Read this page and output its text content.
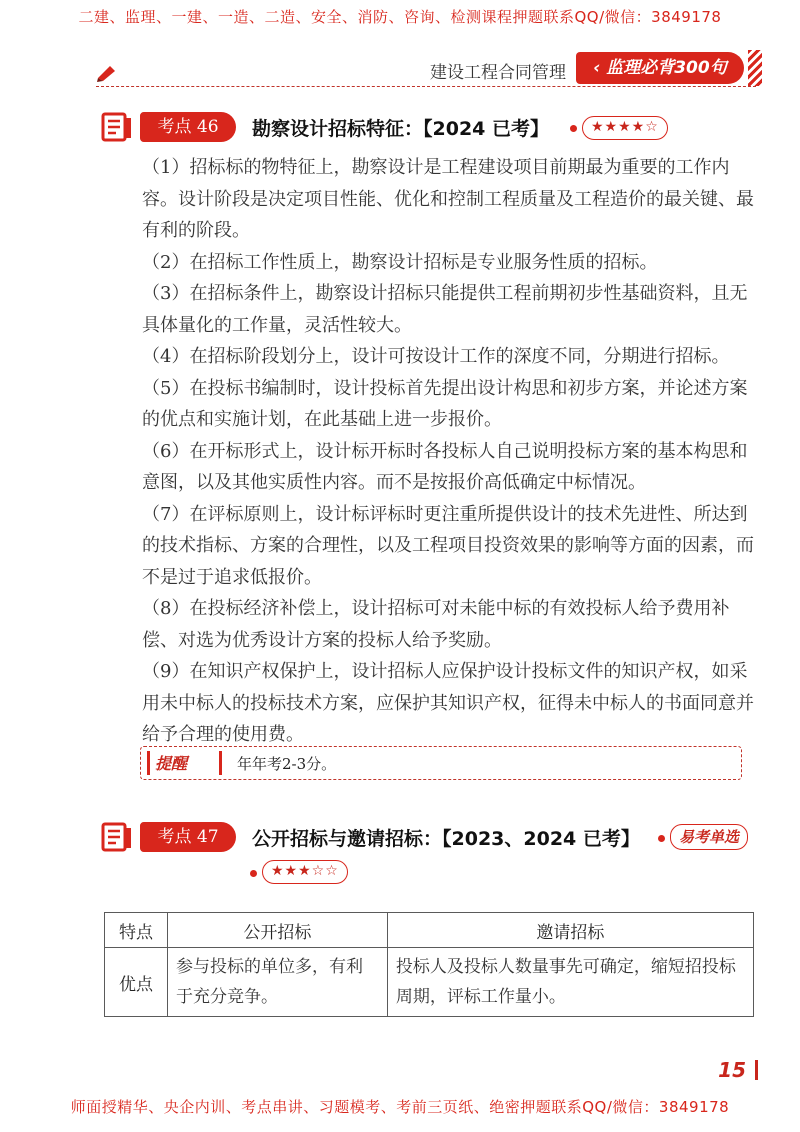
二建、监理、一建、一造、二造、安全、消防、咨询、检测课程押题联系QQ/微信：3849178
建设工程合同管理	‹ 监理必背300句
考点 46	勘察设计招标特征：【2024 已考】	★★★★☆

（1）招标标的物特征上，勘察设计是工程建设项目前期最为重要的工作内容。设计阶段是决定项目性能、优化和控制工程质量及工程造价的最关键、最有利的阶段。

（2）在招标工作性质上，勘察设计招标是专业服务性质的招标。

（3）在招标条件上，勘察设计招标只能提供工程前期初步性基础资料，且无具体量化的工作量，灵活性较大。

（4）在招标阶段划分上，设计可按设计工作的深度不同，分期进行招标。

（5）在投标书编制时，设计投标首先提出设计构思和初步方案，并论述方案的优点和实施计划，在此基础上进一步报价。

（6）在开标形式上，设计标开标时各投标人自己说明投标方案的基本构思和意图，以及其他实质性内容。而不是按报价高低确定中标情况。

（7）在评标原则上，设计标评标时更注重所提供设计的技术先进性、所达到的技术指标、方案的合理性，以及工程项目投资效果的影响等方面的因素，而不是过于追求低报价。

（8）在投标经济补偿上，设计招标可对未能中标的有效投标人给予费用补偿、对选为优秀设计方案的投标人给予奖励。

（9）在知识产权保护上，设计招标人应保护设计投标文件的知识产权，如采用未中标人的投标技术方案，应保护其知识产权，征得未中标人的书面同意并给予合理的使用费。

提醒	年年考2-3分。
考点 47	公开招标与邀请招标：【2023、2024 已考】	易考单选
★★★☆☆
特点	公开招标	邀请招标
优点	参与投标的单位多，有利于充分竞争。	投标人及投标人数量事先可确定，缩短招投标周期，评标工作量小。
15
师面授精华、央企内训、考点串讲、习题模考、考前三页纸、绝密押题联系QQ/微信：3849178
